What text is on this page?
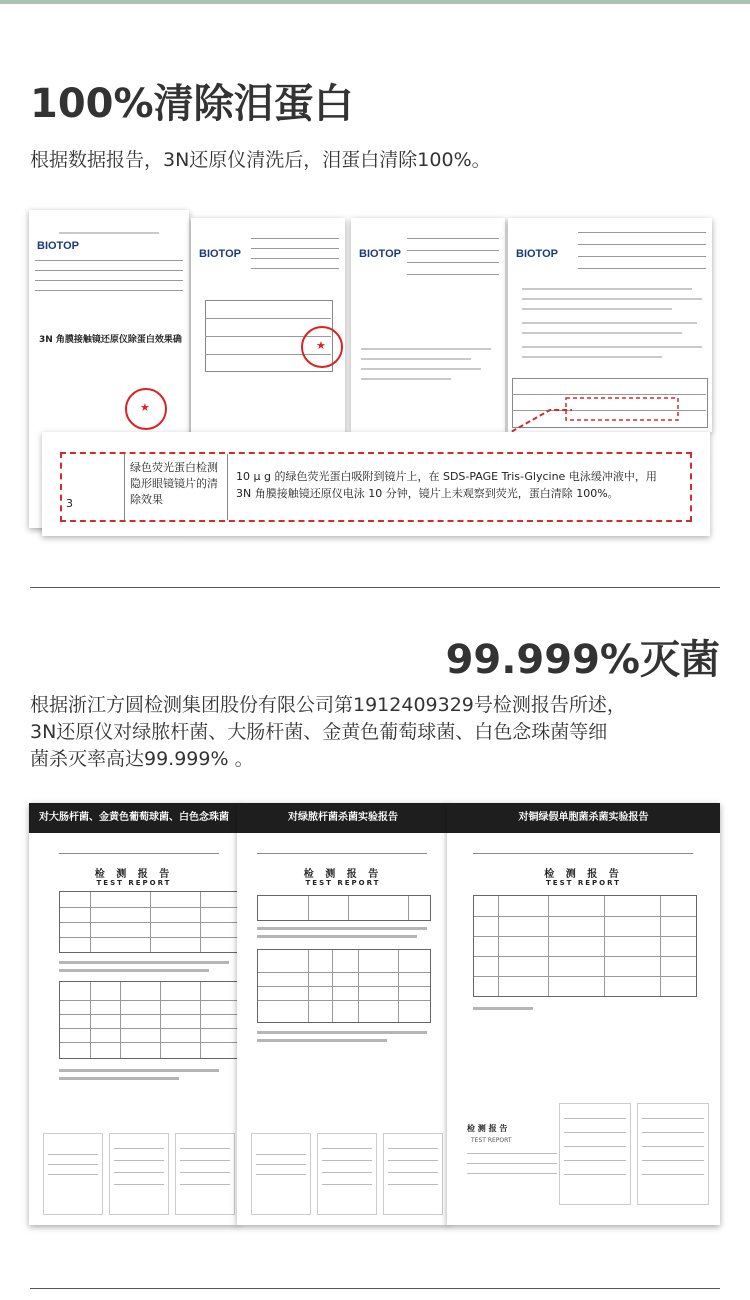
100%清除泪蛋白
根据数据报告，3N还原仪清洗后，泪蛋白清除100%。
BIOTOP
3N 角膜接触镜还原仪除蛋白效果确
★
BIOTOP
★
BIOTOP	BIOTOP
3
绿色荧光蛋白检测隐形眼镜镜片的清除效果
10 μ g 的绿色荧光蛋白吸附到镜片上，在 SDS-PAGE Tris-Glycine 电泳缓冲液中，用
3N 角膜接触镜还原仪电泳 10 分钟，镜片上未观察到荧光，蛋白清除 100%。
99.999%灭菌
根据浙江方圆检测集团股份有限公司第1912409329号检测报告所述，
3N还原仪对绿脓杆菌、大肠杆菌、金黄色葡萄球菌、白色念珠菌等细
菌杀灭率高达99.999% 。
对大肠杆菌、金黄色葡萄球菌、白色念珠菌
检 测 报 告
TEST REPORT
对绿脓杆菌杀菌实验报告
检 测 报 告
TEST REPORT
对铜绿假单胞菌杀菌实验报告
检 测 报 告
TEST REPORT
检 测 报 告
TEST REPORT
